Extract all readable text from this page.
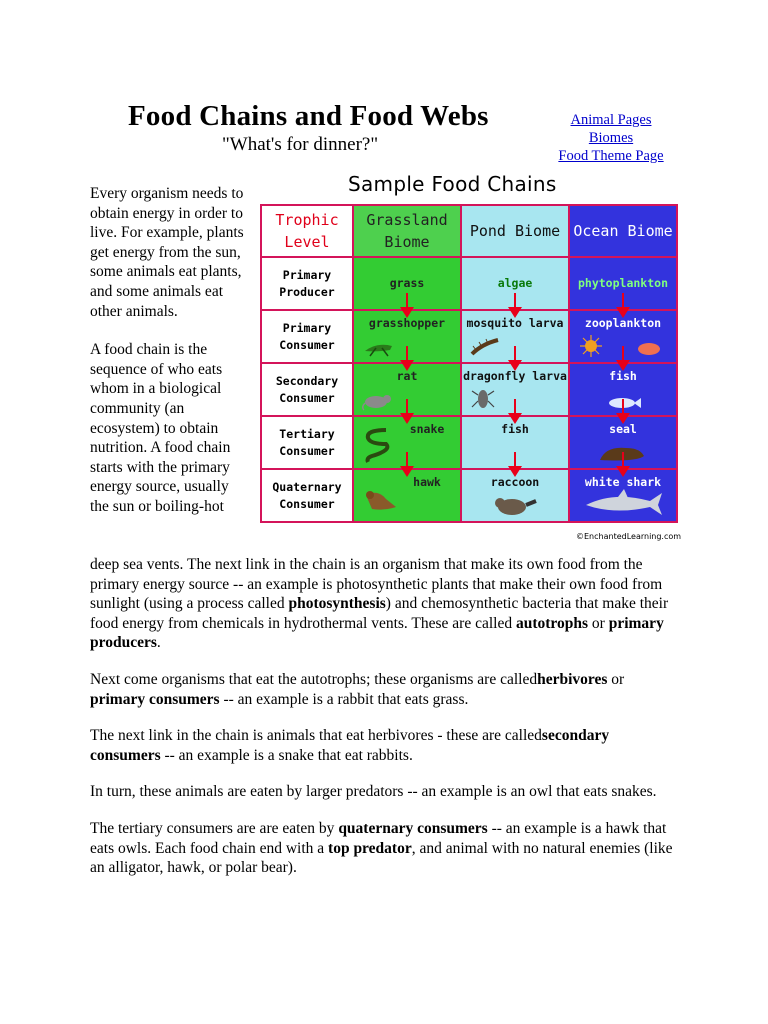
Food Chains and Food Webs
"What's for dinner?"
Animal Pages
Biomes
Food Theme Page

Every organism needs to obtain energy in order to live. For example, plants get energy from the sun, some animals eat plants, and some animals eat other animals.

A food chain is the sequence of who eats whom in a biological community (an ecosystem) to obtain nutrition. A food chain starts with the primary energy source, usually the sun or boiling-hot

Sample Food Chains
Trophic Level	Grassland Biome	Pond Biome	Ocean Biome
Primary Producer	grass	algae	phytoplankton

Primary Consumer	grasshopper	mosquito larva	zooplankton

Secondary Consumer	rat	dragonfly larva	fish

Tertiary Consumer	snake	fish	seal

Quaternary Consumer	hawk	raccoon	white shark
©EnchantedLearning.com

deep sea vents. The next link in the chain is an organism that make its own food from the primary energy source -- an example is photosynthetic plants that make their own food from sunlight (using a process called photosynthesis) and chemosynthetic bacteria that make their food energy from chemicals in hydrothermal vents. These are called autotrophs or primary producers.

Next come organisms that eat the autotrophs; these organisms are calledherbivores or primary consumers -- an example is a rabbit that eats grass.

The next link in the chain is animals that eat herbivores - these are calledsecondary consumers -- an example is a snake that eat rabbits.

In turn, these animals are eaten by larger predators -- an example is an owl that eats snakes.

The tertiary consumers are are eaten by quaternary consumers -- an example is a hawk that eats owls. Each food chain end with a top predator, and animal with no natural enemies (like an alligator, hawk, or polar bear).
